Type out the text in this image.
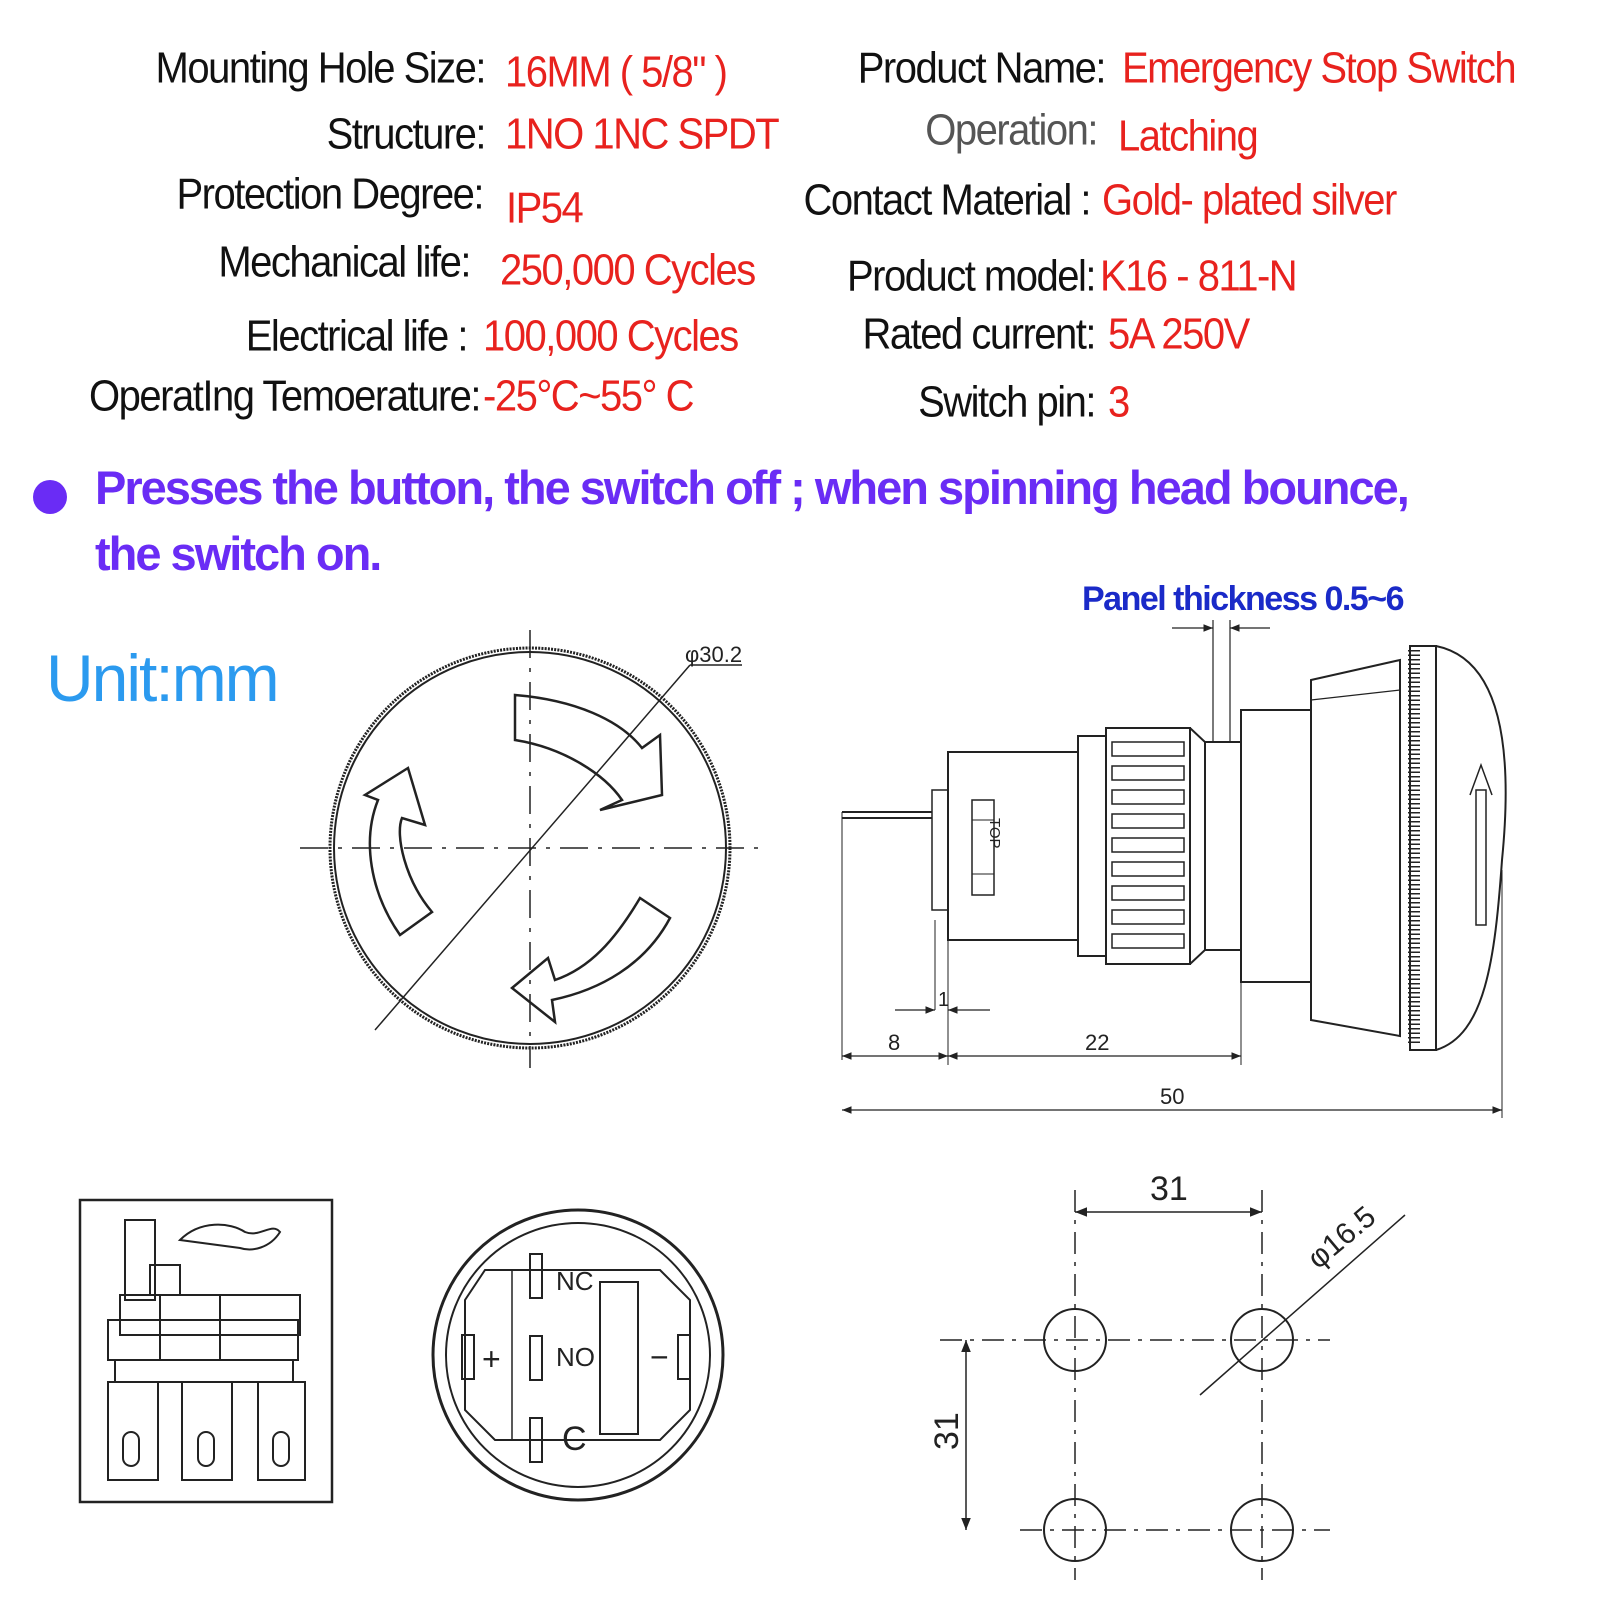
Mounting Hole Size: 16MM ( 5/8" )	Product Name: Emergency Stop Switch
Structure: 1NO 1NC SPDT	Operation: Latching
Protection Degree: IP54	Contact Material : Gold- plated silver
Mechanical life: 250,000 Cycles Product model: K16 - 811-N
Electrical life : 100,000 Cycles	Rated current: 5A 250V
OperatIng Temoerature: -25°C~55° C	Switch pin: 3
Presses the button, the switch off ; when spinning head bounce,
the switch on.
Unit:mm
Panel thickness 0.5~6
φ30.2
TOP
8	22
1
50
NC
NO
C
+	−
31
31
φ16.5
